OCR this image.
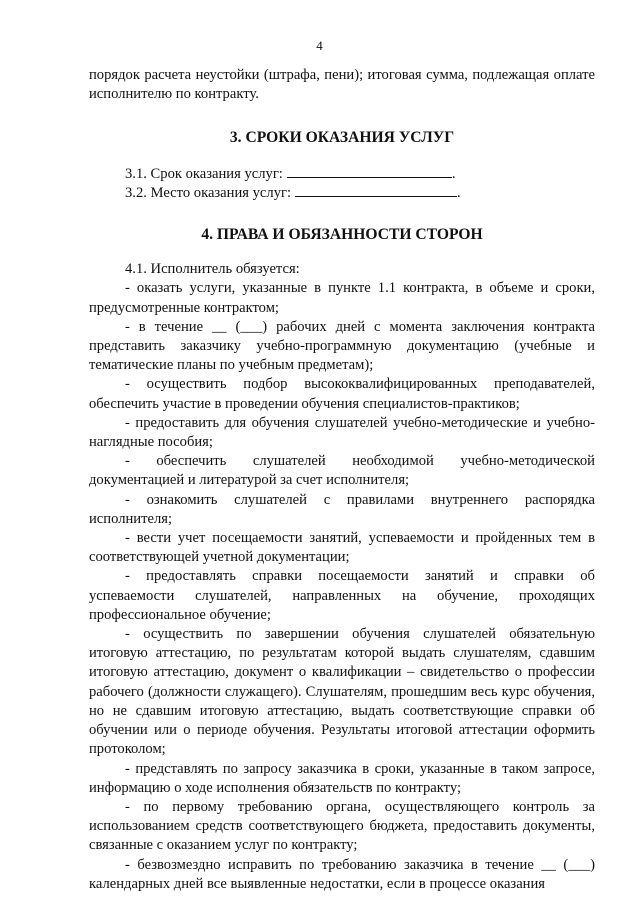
4

порядок расчета неустойки (штрафа, пени); итоговая сумма, подлежащая оплате исполнителю по контракту.

3. СРОКИ ОКАЗАНИЯ УСЛУГ

3.1. Срок оказания услуг:	.

3.2. Место оказания услуг:	.

4. ПРАВА И ОБЯЗАННОСТИ СТОРОН

4.1. Исполнитель обязуется:

- оказать услуги, указанные в пункте 1.1 контракта, в объеме и сроки, предусмотренные контрактом;

- в течение __ (___) рабочих дней с момента заключения контракта представить заказчику учебно-программную документацию (учебные и тематические планы по учебным предметам);

- осуществить подбор высококвалифицированных преподавателей, обеспечить участие в проведении обучения специалистов-практиков;

- предоставить для обучения слушателей учебно-методические и учебно-наглядные пособия;

- обеспечить слушателей необходимой учебно-методической документацией и литературой за счет исполнителя;

- ознакомить слушателей с правилами внутреннего распорядка исполнителя;

- вести учет посещаемости занятий, успеваемости и пройденных тем в соответствующей учетной документации;

- предоставлять справки посещаемости занятий и справки об успеваемости слушателей, направленных на обучение, проходящих профессиональное обучение;

- осуществить по завершении обучения слушателей обязательную итоговую аттестацию, по результатам которой выдать слушателям, сдавшим итоговую аттестацию, документ о квалификации – свидетельство о профессии рабочего (должности служащего). Слушателям, прошедшим весь курс обучения, но не сдавшим итоговую аттестацию, выдать соответствующие справки об обучении или о периоде обучения. Результаты итоговой аттестации оформить протоколом;

- представлять по запросу заказчика в сроки, указанные в таком запросе, информацию о ходе исполнения обязательств по контракту;

- по первому требованию органа, осуществляющего контроль за использованием средств соответствующего бюджета, предоставить документы, связанные с оказанием услуг по контракту;

- безвозмездно исправить по требованию заказчика в течение __ (___) календарных дней все выявленные недостатки, если в процессе оказания
